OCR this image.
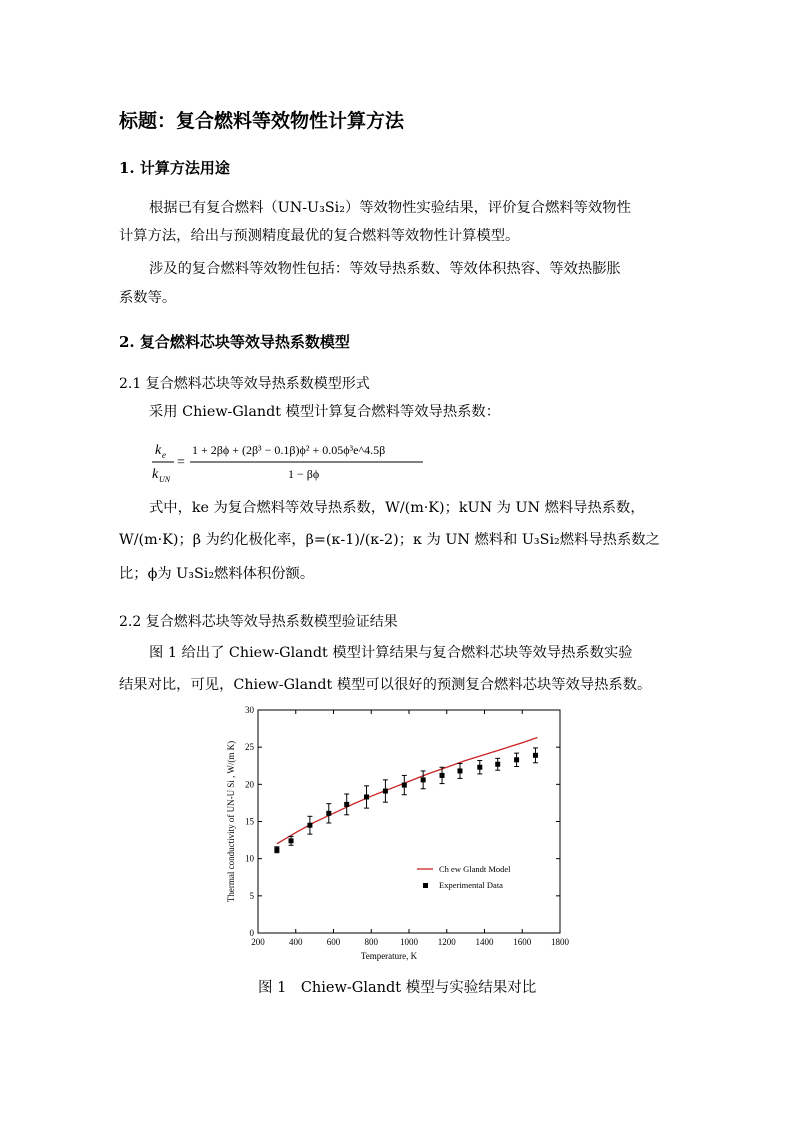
标题：复合燃料等效物性计算方法
1. 计算方法用途
根据已有复合燃料（UN-U₃Si₂）等效物性实验结果，评价复合燃料等效物性
计算方法，给出与预测精度最优的复合燃料等效物性计算模型。
涉及的复合燃料等效物性包括：等效导热系数、等效体积热容、等效热膨胀
系数等。
2. 复合燃料芯块等效导热系数模型
2.1 复合燃料芯块等效导热系数模型形式
采用 Chiew-Glandt 模型计算复合燃料等效导热系数：
k e
k UN
=
1 + 2βϕ + (2β³ − 0.1β)ϕ² + 0.05ϕ³e^4.5β
1 − βϕ
式中，ke 为复合燃料等效导热系数，W/(m·K)；kUN 为 UN 燃料导热系数，
W/(m·K)；β 为约化极化率，β=(κ-1)/(κ-2)；κ 为 UN 燃料和 U₃Si₂燃料导热系数之
比；ϕ为 U₃Si₂燃料体积份额。
2.2 复合燃料芯块等效导热系数模型验证结果
图 1 给出了 Chiew-Glandt 模型计算结果与复合燃料芯块等效导热系数实验
结果对比，可见，Chiew-Glandt 模型可以很好的预测复合燃料芯块等效导热系数。
200	400	600	800 1000 1200 1400 1600 1800
0
5
10
15
20
25
30
Temperature, K
Thermal conductivity of UN-U Si , W/(m K)	Ch ew Glandt Model
Experimental Data
图 1　Chiew-Glandt 模型与实验结果对比
